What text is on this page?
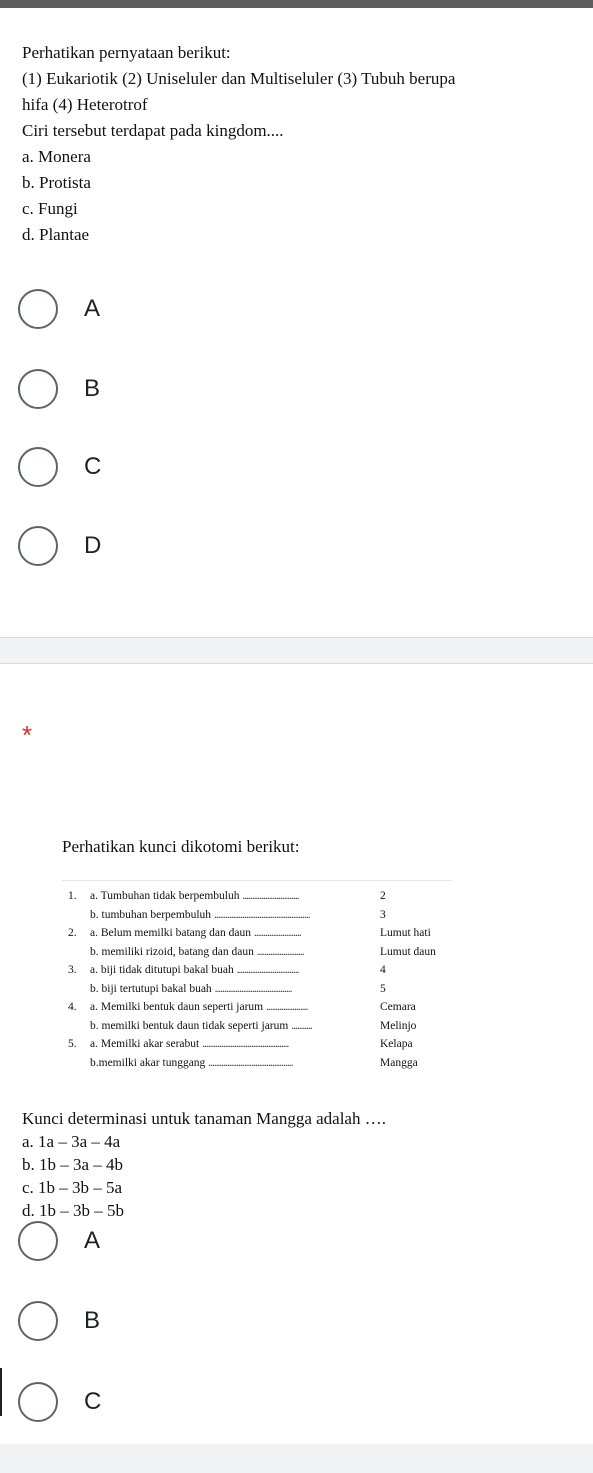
Perhatikan pernyataan berikut:

(1) Eukariotik (2) Uniseluler dan Multiseluler (3) Tubuh berupa

hifa (4) Heterotrof

Ciri tersebut terdapat pada kingdom....

a. Monera

b. Protista

c. Fungi

d. Plantae

A
B
C
D
*
Perhatikan kunci dikotomi berikut:
1.	a. Tumbuhan tidak berpembuluh ..............................	2
	b. tumbuhan berpembuluh ...................................................	3
2.	a. Belum memilki batang dan daun .........................	Lumut hati
	b. memiliki rizoid, batang dan daun .........................	Lumut daun
3.	a. biji tidak ditutupi bakal buah .................................	4
	b. biji tertutupi bakal buah .........................................	5
4.	a. Memilki bentuk daun seperti jarum ......................	Cemara
	b. memilki bentuk daun tidak seperti jarum ...........	Melinjo
5.	a. Memilki akar serabut ..............................................	Kelapa
	b.memilki akar tunggang .............................................	Mangga

Kunci determinasi untuk tanaman Mangga adalah ….

a. 1a – 3a – 4a

b. 1b – 3a – 4b

c. 1b – 3b – 5a

d. 1b – 3b – 5b

A
B
C
